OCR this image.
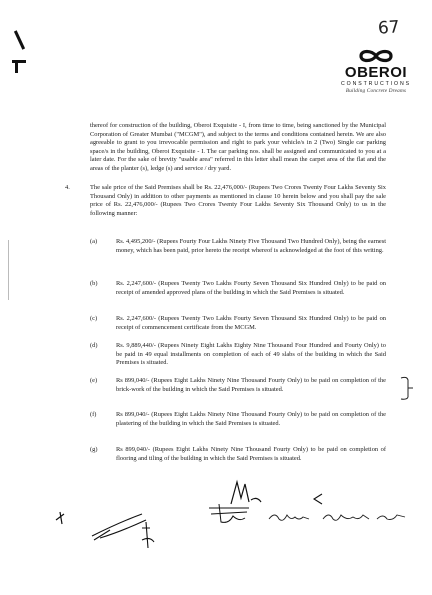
67
OBEROI
CONSTRUCTIONS
Building Concrete Dreams
thereof for construction of the building, Oberoi Exquisite - I, from time to time, being sanctioned by the Municipal Corporation of Greater Mumbai ("MCGM"), and subject to the terms and conditions contained herein. We are also agreeable to grant to you irrevocable permission and right to park your vehicle/s in 2 (Two) Single car parking space/s in the building, Oberoi Exquisite - I. The car parking nos. shall be assigned and communicated to you at a later date. For the sake of brevity "usable area" referred in this letter shall mean the carpet area of the flat and the areas of the planter (s), ledge (s) and service / dry yard.
4.	The sale price of the Said Premises shall be Rs. 22,476,000/- (Rupees Two Crores Twenty Four Lakhs Seventy Six Thousand Only) in addition to other payments as mentioned in clause 10 herein below and you shall pay the sale price of Rs. 22,476,000/- (Rupees Two Crores Twenty Four Lakhs Seventy Six Thousand Only) to us in the following manner:
(a)	Rs. 4,495,200/- (Rupees Fourty Four Lakhs Ninety Five Thousand Two Hundred Only), being the earnest money, which has been paid, prior hereto the receipt whereof is acknowledged at the foot of this writing.
(b)	Rs. 2,247,600/- (Rupees Twenty Two Lakhs Fourty Seven Thousand Six Hundred Only) to be paid on receipt of amended approved plans of the building in which the Said Premises is situated.
(c)	Rs. 2,247,600/- (Rupees Twenty Two Lakhs Fourty Seven Thousand Six Hundred Only) to be paid on receipt of commencement certificate from the MCGM.
(d)	Rs. 9,889,440/- (Rupees Ninety Eight Lakhs Eighty Nine Thousand Four Hundred and Fourty Only) to be paid in 49 equal installments on completion of each of 49 slabs of the building in which the Said Premises is situated.
(e)	Rs 899,040/- (Rupees Eight Lakhs Ninety Nine Thousand Fourty Only) to be paid on completion of the brick-work of the building in which the Said Premises is situated.
(f)	Rs 899,040/- (Rupees Eight Lakhs Ninety Nine Thousand Fourty Only) to be paid on completion of the plastering of the building in which the Said Premises is situated.
(g)	Rs 899,040/- (Rupees Eight Lakhs Ninety Nine Thousand Fourty Only) to be paid on completion of flooring and tiling of the building in which the Said Premises is situated.
